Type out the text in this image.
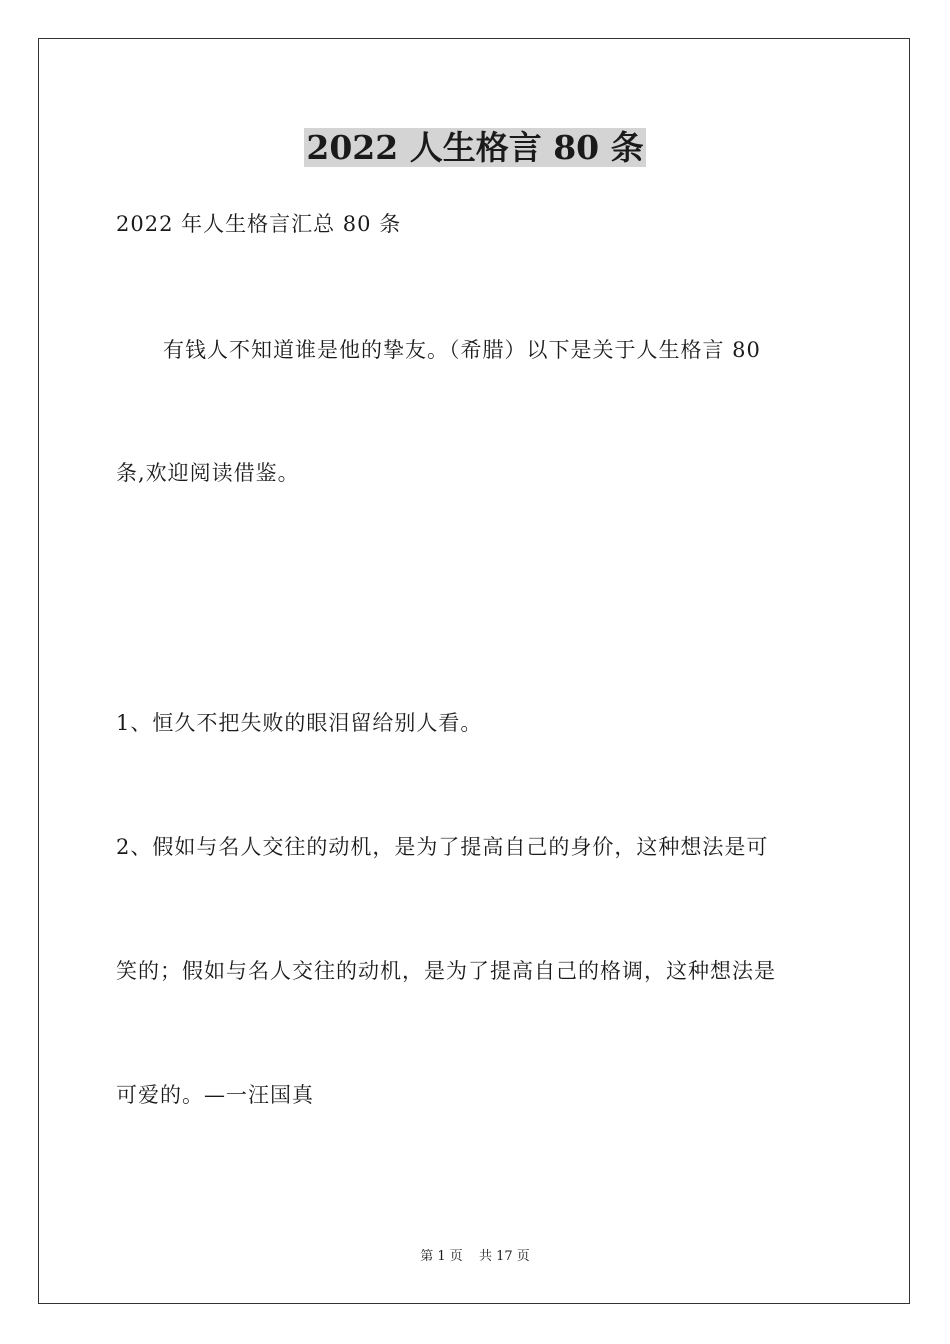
2022 人生格言 80 条
2022 年人生格言汇总 80 条
有钱人不知道谁是他的挚友。（希腊）以下是关于人生格言 80
条,欢迎阅读借鉴。
1、恒久不把失败的眼泪留给别人看。
2、假如与名人交往的动机，是为了提高自己的身价，这种想法是可
笑的；假如与名人交往的动机，是为了提高自己的格调，这种想法是
可爱的。—一汪国真
第 1 页 共 17 页
